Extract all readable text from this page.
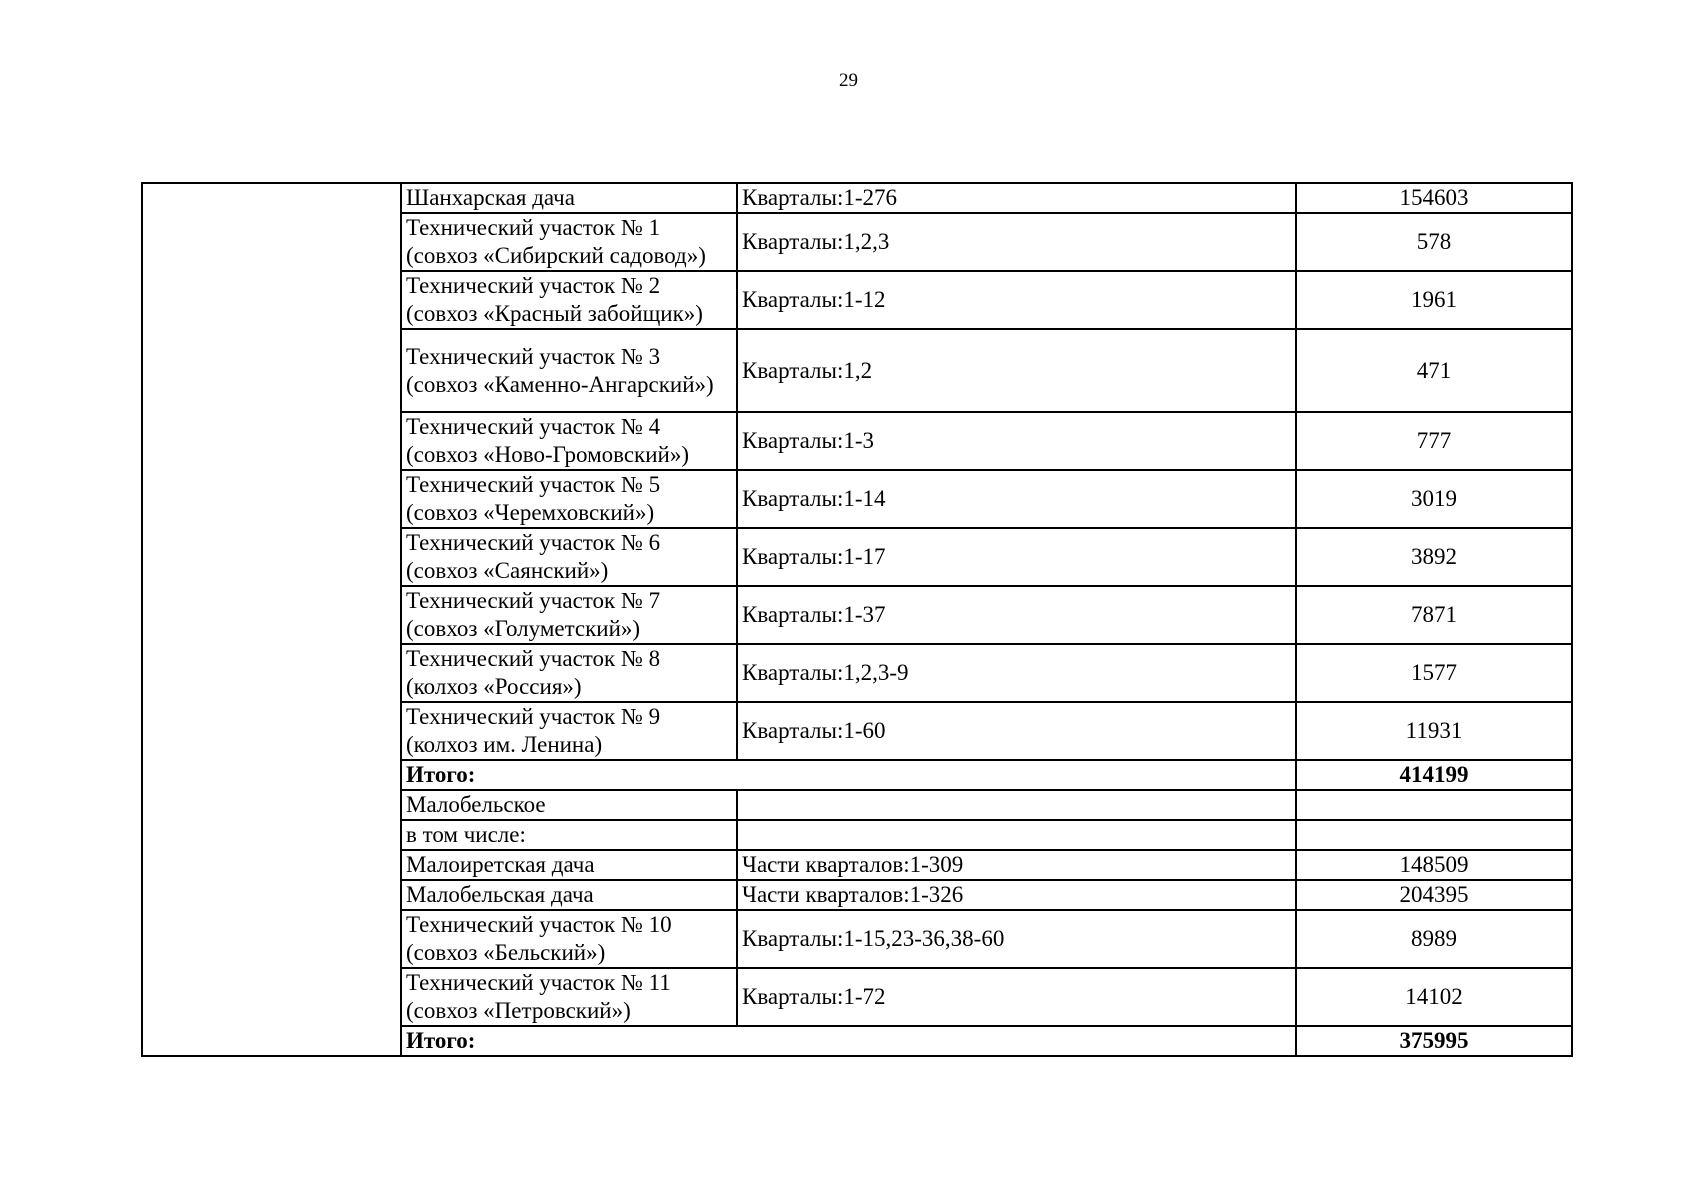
29
	Шанхарская дача	Кварталы:1-276	154603
	Технический участок № 1 (совхоз «Сибирский садовод»)	Кварталы:1,2,3	578
	Технический участок № 2 (совхоз «Красный забойщик»)	Кварталы:1-12	1961
	Технический участок № 3 (совхоз «Каменно-Ангарский»)	Кварталы:1,2	471
	Технический участок № 4 (совхоз «Ново-Громовский»)	Кварталы:1-3	777
	Технический участок № 5 (совхоз «Черемховский»)	Кварталы:1-14	3019
	Технический участок № 6 (совхоз «Саянский»)	Кварталы:1-17	3892
	Технический участок № 7 (совхоз «Голуметский»)	Кварталы:1-37	7871
	Технический участок № 8 (колхоз «Россия»)	Кварталы:1,2,3-9	1577
	Технический участок № 9 (колхоз им. Ленина)	Кварталы:1-60	11931
	Итого:		414199
	Малобельское		
	в том числе:		
	Малоиретская дача	Части кварталов:1-309	148509
	Малобельская дача	Части кварталов:1-326	204395
	Технический участок № 10 (совхоз «Бельский»)	Кварталы:1-15,23-36,38-60	8989
	Технический участок № 11 (совхоз «Петровский»)	Кварталы:1-72	14102
	Итого:		375995
